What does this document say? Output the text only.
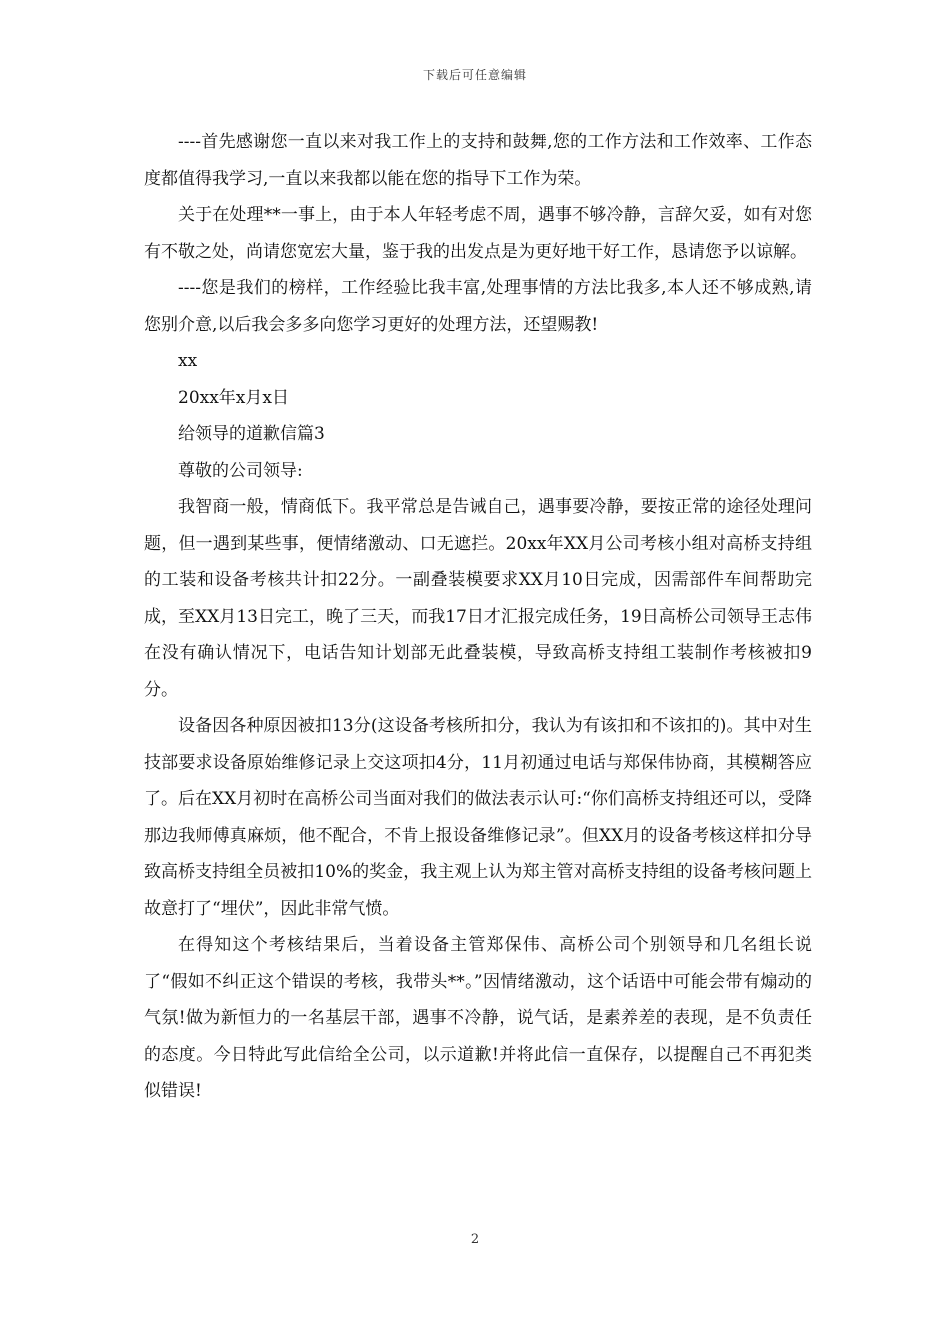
下载后可任意编辑

----首先感谢您一直以来对我工作上的支持和鼓舞,您的工作方法和工作效率、工作态度都值得我学习,一直以来我都以能在您的指导下工作为荣。

关于在处理**一事上，由于本人年轻考虑不周，遇事不够冷静，言辞欠妥，如有对您有不敬之处，尚请您宽宏大量，鉴于我的出发点是为更好地干好工作，恳请您予以谅解。

----您是我们的榜样，工作经验比我丰富,处理事情的方法比我多,本人还不够成熟,请您别介意,以后我会多多向您学习更好的处理方法，还望赐教!

xx

20xx年x月x日

给领导的道歉信篇3

尊敬的公司领导:

我智商一般，情商低下。我平常总是告诫自己，遇事要冷静，要按正常的途径处理问题，但一遇到某些事，便情绪激动、口无遮拦。20xx年XX月公司考核小组对高桥支持组的工装和设备考核共计扣22分。一副叠装模要求XX月10日完成，因需部件车间帮助完成，至XX月13日完工，晚了三天，而我17日才汇报完成任务，19日高桥公司领导王志伟在没有确认情况下，电话告知计划部无此叠装模，导致高桥支持组工装制作考核被扣9分。

设备因各种原因被扣13分(这设备考核所扣分，我认为有该扣和不该扣的)。其中对生技部要求设备原始维修记录上交这项扣4分，11月初通过电话与郑保伟协商，其模糊答应了。后在XX月初时在高桥公司当面对我们的做法表示认可:“你们高桥支持组还可以，受降那边我师傅真麻烦，他不配合，不肯上报设备维修记录”。但XX月的设备考核这样扣分导致高桥支持组全员被扣10%的奖金，我主观上认为郑主管对高桥支持组的设备考核问题上故意打了“埋伏”，因此非常气愤。

在得知这个考核结果后，当着设备主管郑保伟、高桥公司个别领导和几名组长说了“假如不纠正这个错误的考核，我带头**。”因情绪激动，这个话语中可能会带有煽动的气氛!做为新恒力的一名基层干部，遇事不冷静，说气话，是素养差的表现，是不负责任的态度。今日特此写此信给全公司，以示道歉!并将此信一直保存，以提醒自己不再犯类似错误!

2
